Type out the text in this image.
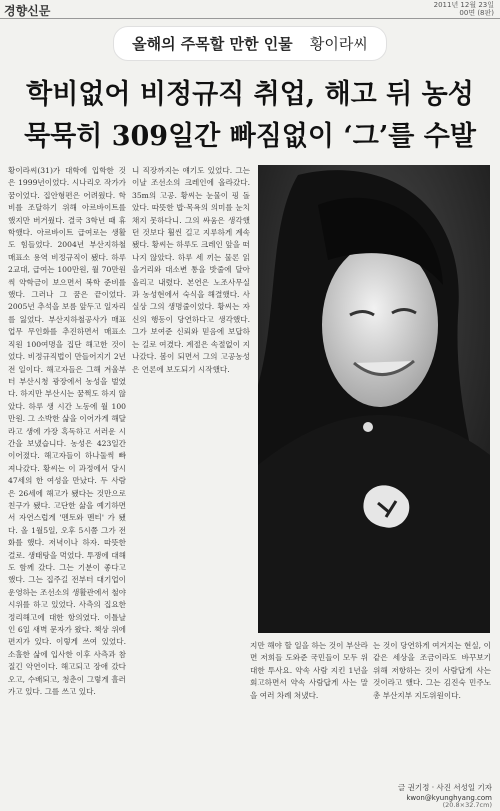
경향신문	2011년 12월 23일
00면 (8판)
올해의 주목할 만한 인물 황이라씨
학비없어 비정규직 취업, 해고 뒤 농성
묵묵히 309일간 빠짐없이 ‘그’를 수발

황이라씨(31)가 대학에 입학한 것은 1999년이었다. 시나리오 작가가 꿈이었다. 집안형편은 어려웠다. 학비를 조달하기 위해 아르바이트를 했지만 버거웠다. 결국 3학년 때 휴학했다. 아르바이트 급여로는 생활도 힘들었다. 2004년 부산지하철 매표소 용역 비정규직이 됐다. 하루 2교대, 급여는 100만원, 월 70만원씩 약학금이 보으면서 복학 준비를 했다. 그러나 그 꿈은 끝이었다. 2005년 추석을 보름 앞두고 일자리를 잃었다. 부산지하철공사가 매표업무 무인화를 추진하면서 매표소 직원 100여명을 집단 해고한 것이었다. 비정규직법이 만들어지기 2년 전 일이다. 해고자들은 그해 겨울부터 부산시청 광장에서 농성을 벌였다. 하지만 부산시는 꿈쩍도 하지 않았다. 하루 생 시간 노동에 월 100만원. 그 소박한 삶을 이어가게 해달라고 생에 가장 혹독하고 서러운 시간을 보냈습니다. 농성은 423일간 이어졌다. 해고자들이 하나둘씩 빠져나갔다. 황씨는 이 과정에서 당시 47세의 한 여성을 만났다. 두 사람은 26세에 해고가 됐다는 것만으로 친구가 됐다. 고단한 삶을 예기하면서 자연스럽게 '멘토와 멘티' 가 됐다. 올 1월5일, 오후 5시쯤 그가 전화를 했다. 저녁이나 하자. 따뜻한 걸로. 생태탕을 먹었다. 투쟁에 대해도 함께 갔다. 그는 기분이 좋다고 했다. 그는 집주길 전부터 대기업이 운영하는 조선소의 생활관에서 철야시위를 하고 있었다. 사측의 집요한 정리해고에 대한 항의였다. 이틀날인 6일 새벽 문자가 왔다. 책상 위에 편지가 있다. 이렇게 쓰여 있었다. 소홀한 삶에 입사한 이후 사측과 참 질긴 악연이다. 해고되고 장애 갔다 오고, 수배되고, 청춘이 그렇게 흘러가고 있다. 그를 쓰고 있다.

니 직장까지는 얘기도 있었다. 그는 이날 조선소의 크레인에 올라갔다. 35m의 고공. 황씨는 눈물이 핑 돌았다. 따뜻한 밥·목욕의 의미를 눈치채지 못하다니. 그의 싸움은 생각했던 것보다 훨씬 길고 지루하게 계속됐다. 황씨는 하루도 크레인 앞을 떠나지 않았다. 하루 세 끼는 물론 읽을거리와 대소변 통을 밧줄에 달아 올리고 내렸다. 본연은 노조사무실과 농성현에서 숙식을 해결했다. 사실상 그의 생명줄이었다. 황씨는 자신의 행동이 당연하다고 생각했다. 그가 보여준 신뢰와 믿음에 보답하는 길로 여겼다. 계절은 속절없이 지나갔다. 봄이 되면서 그의 고공농성은 언론에 보도되기 시작했다.

지만 해야 할 일을 하는 것이 부산라면 저희들 도와준 국민들이 모두 위대한 투사요. 약속 사람 지킨 1년을 회고하면서 약속 사람답게 사는 말을 여러 차례 쳐냈다.

는 것이 당연하게 여겨지는 현실, 이 같은 세상을 조금이라도 바꾸보기 위해 저항하는 것이 사람답게 사는 것이라고 했다. 그는 김진숙 민주노총 부산지부 지도위원이다.

글 권기정 · 사진 서성일 기자
kwon@kyunghyang.com
(20.8×32.7cm)
